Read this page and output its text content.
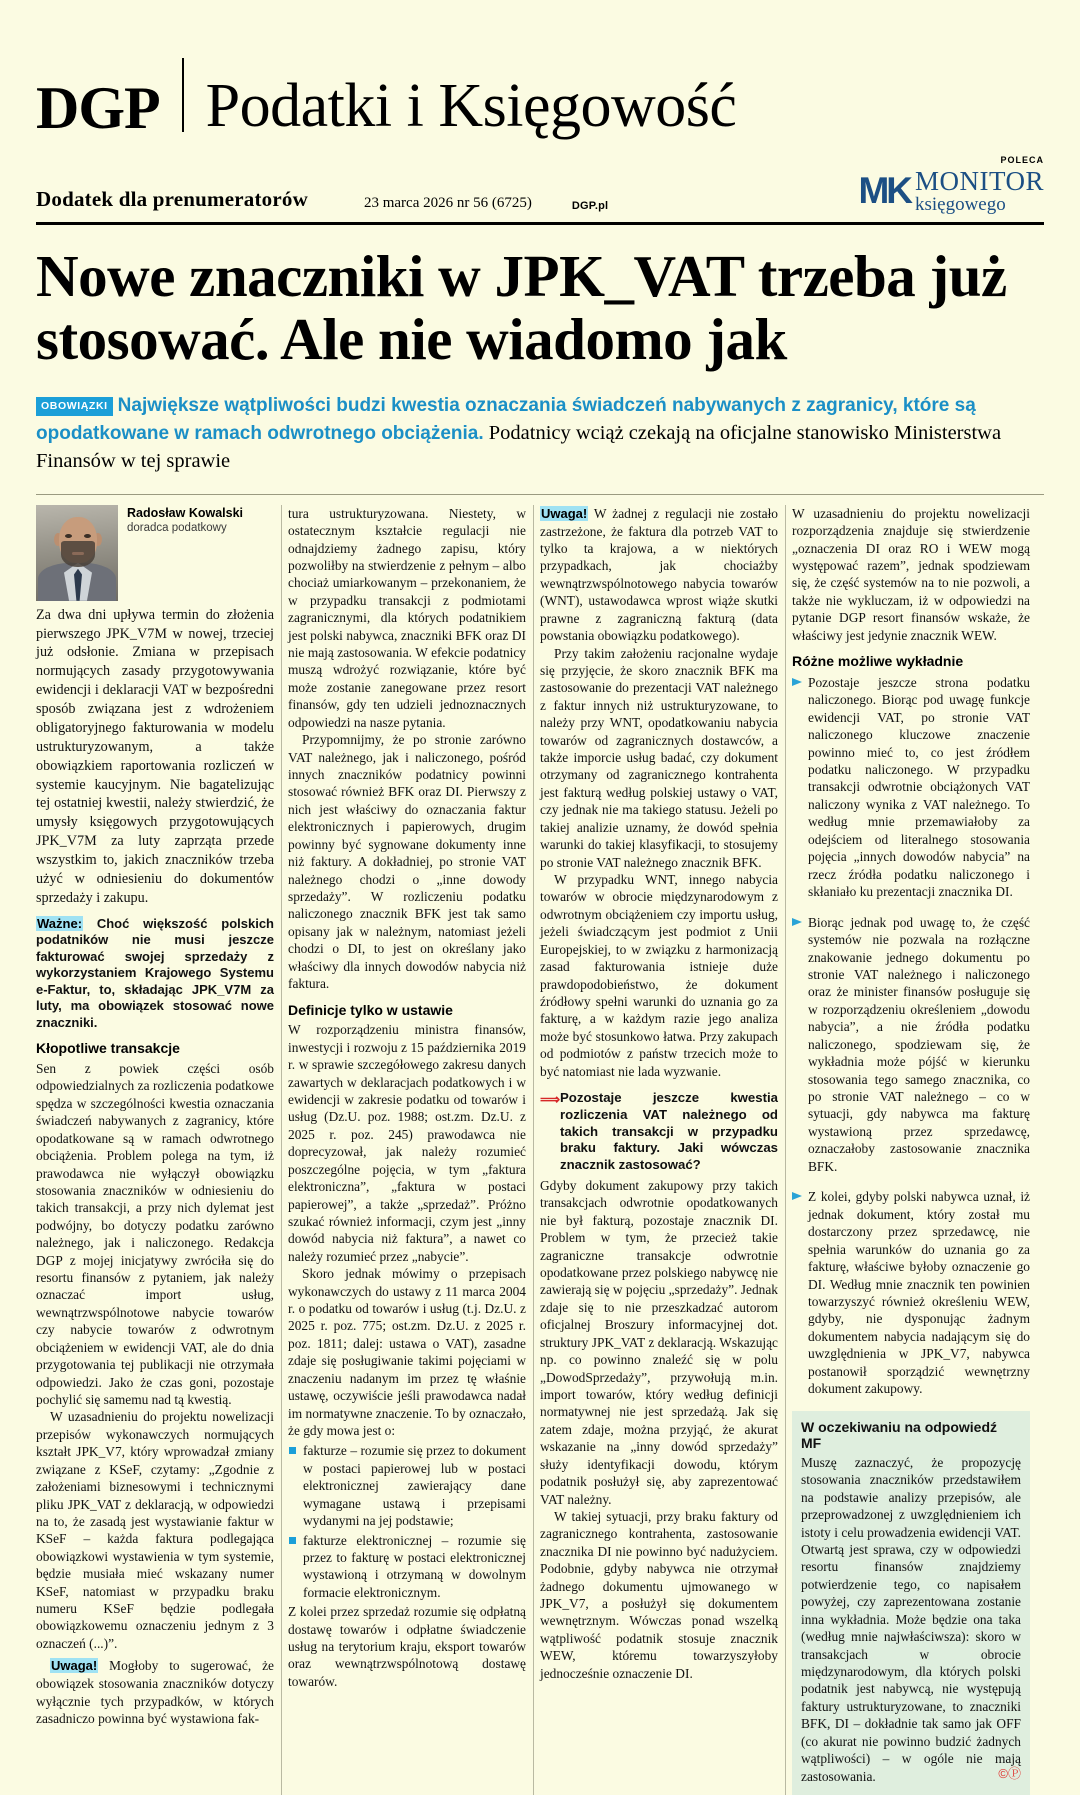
DGP Podatki i Księgowość
Dodatek dla prenumeratorów	23 marca 2026 nr 56 (6725)	DGP.pl
POLECA
MK MONITOR
księgowego
Nowe znaczniki w JPK_VAT trzeba już stosować. Ale nie wiadomo jak
OBOWIĄZKI Największe wątpliwości budzi kwestia oznaczania świadczeń nabywanych z zagranicy, które są opodatkowane w ramach odwrotnego obciążenia. Podatnicy wciąż czekają na oficjalne stanowisko Ministerstwa Finansów w tej sprawie
Radosław Kowalski
doradca podatkowy

Za dwa dni upływa termin do złożenia pierwszego JPK_V7M w nowej, trzeciej już odsłonie. Zmiana w przepisach normujących zasady przygotowywania ewidencji i deklaracji VAT w bezpośredni sposób związana jest z wdrożeniem obligatoryjnego fakturowania w modelu ustrukturyzowanym, a także obowiązkiem raportowania rozliczeń w systemie kaucyjnym. Nie bagatelizując tej ostatniej kwestii, należy stwierdzić, że umysły księgowych przygotowujących JPK_V7M za luty zaprząta przede wszystkim to, jakich znaczników trzeba użyć w odniesieniu do dokumentów sprzedaży i zakupu.

Ważne: Choć większość polskich podatników nie musi jeszcze fakturować swojej sprzedaży z wykorzystaniem Krajowego Systemu e-Faktur, to, składając JPK_V7M za luty, ma obowiązek stosować nowe znaczniki.

Kłopotliwe transakcje

Sen z powiek części osób odpowiedzialnych za rozliczenia podatkowe spędza w szczególności kwestia oznaczania świadczeń nabywanych z zagranicy, które opodatkowane są w ramach odwrotnego obciążenia. Problem polega na tym, iż prawodawca nie wyłączył obowiązku stosowania znaczników w odniesieniu do takich transakcji, a przy nich dylemat jest podwójny, bo dotyczy podatku zarówno należnego, jak i naliczonego. Redakcja DGP z mojej inicjatywy zwróciła się do resortu finansów z pytaniem, jak należy oznaczać import usług, wewnątrzwspólnotowe nabycie towarów czy nabycie towarów z odwrotnym obciążeniem w ewidencji VAT, ale do dnia przygotowania tej publikacji nie otrzymała odpowiedzi. Jako że czas goni, pozostaje pochylić się samemu nad tą kwestią.

W uzasadnieniu do projektu nowelizacji przepisów wykonawczych normujących kształt JPK_V7, który wprowadzał zmiany związane z KSeF, czytamy: „Zgodnie z założeniami biznesowymi i technicznymi pliku JPK_VAT z deklaracją, w odpowiedzi na to, że zasadą jest wystawianie faktur w KSeF – każda faktura podlegająca obowiązkowi wystawienia w tym systemie, będzie musiała mieć wskazany numer KSeF, natomiast w przypadku braku numeru KSeF będzie podlegała obowiązkowemu oznaczeniu jednym z 3 oznaczeń (...)”.

Uwaga! Mogłoby to sugerować, że obowiązek stosowania znaczników dotyczy wyłącznie tych przypadków, w których zasadniczo powinna być wystawiona fak-

tura ustrukturyzowana. Niestety, w ostatecznym kształcie regulacji nie odnajdziemy żadnego zapisu, który pozwoliłby na stwierdzenie z pełnym – albo chociaż umiarkowanym – przekonaniem, że w przypadku transakcji z podmiotami zagranicznymi, dla których podatnikiem jest polski nabywca, znaczniki BFK oraz DI nie mają zastosowania. W efekcie podatnicy muszą wdrożyć rozwiązanie, które być może zostanie zanegowane przez resort finansów, gdy ten udzieli jednoznacznych odpowiedzi na nasze pytania.

Przypomnijmy, że po stronie zarówno VAT należnego, jak i naliczonego, pośród innych znaczników podatnicy powinni stosować również BFK oraz DI. Pierwszy z nich jest właściwy do oznaczania faktur elektronicznych i papierowych, drugim powinny być sygnowane dokumenty inne niż faktury. A dokładniej, po stronie VAT należnego chodzi o „inne dowody sprzedaży”. W rozliczeniu podatku naliczonego znacznik BFK jest tak samo opisany jak w należnym, natomiast jeżeli chodzi o DI, to jest on określany jako właściwy dla innych dowodów nabycia niż faktura.

Definicje tylko w ustawie

W rozporządzeniu ministra finansów, inwestycji i rozwoju z 15 października 2019 r. w sprawie szczegółowego zakresu danych zawartych w deklaracjach podatkowych i w ewidencji w zakresie podatku od towarów i usług (Dz.U. poz. 1988; ost.zm. Dz.U. z 2025 r. poz. 245) prawodawca nie doprecyzował, jak należy rozumieć poszczególne pojęcia, w tym „faktura elektroniczna”, „faktura w postaci papierowej”, a także „sprzedaż”. Próżno szukać również informacji, czym jest „inny dowód nabycia niż faktura”, a nawet co należy rozumieć przez „nabycie”.

Skoro jednak mówimy o przepisach wykonawczych do ustawy z 11 marca 2004 r. o podatku od towarów i usług (t.j. Dz.U. z 2025 r. poz. 775; ost.zm. Dz.U. z 2025 r. poz. 1811; dalej: ustawa o VAT), zasadne zdaje się posługiwanie takimi pojęciami w znaczeniu nadanym im przez tę właśnie ustawę, oczywiście jeśli prawodawca nadał im normatywne znaczenie. To by oznaczało, że gdy mowa jest o:

fakturze – rozumie się przez to dokument w postaci papierowej lub w postaci elektronicznej zawierający dane wymagane ustawą i przepisami wydanymi na jej podstawie;
fakturze elektronicznej – rozumie się przez to fakturę w postaci elektronicznej wystawioną i otrzymaną w dowolnym formacie elektronicznym.

Z kolei przez sprzedaż rozumie się odpłatną dostawę towarów i odpłatne świadczenie usług na terytorium kraju, eksport towarów oraz wewnątrzwspólnotową dostawę towarów.

Uwaga! W żadnej z regulacji nie zostało zastrzeżone, że faktura dla potrzeb VAT to tylko ta krajowa, a w niektórych przypadkach, jak chociażby wewnątrzwspólnotowego nabycia towarów (WNT), ustawodawca wprost wiąże skutki prawne z zagraniczną fakturą (data powstania obowiązku podatkowego).

Przy takim założeniu racjonalne wydaje się przyjęcie, że skoro znacznik BFK ma zastosowanie do prezentacji VAT należnego z faktur innych niż ustrukturyzowane, to należy przy WNT, opodatkowaniu nabycia towarów od zagranicznych dostawców, a także imporcie usług badać, czy dokument otrzymany od zagranicznego kontrahenta jest fakturą według polskiej ustawy o VAT, czy jednak nie ma takiego statusu. Jeżeli po takiej analizie uznamy, że dowód spełnia warunki do takiej klasyfikacji, to stosujemy po stronie VAT należnego znacznik BFK.

W przypadku WNT, innego nabycia towarów w obrocie międzynarodowym z odwrotnym obciążeniem czy importu usług, jeżeli świadczącym jest podmiot z Unii Europejskiej, to w związku z harmonizacją zasad fakturowania istnieje duże prawdopodobieństwo, że dokument źródłowy spełni warunki do uznania go za fakturę, a w każdym razie jego analiza może być stosunkowo łatwa. Przy zakupach od podmiotów z państw trzecich może to być natomiast nie lada wyzwanie.

⟹ Pozostaje jeszcze kwestia rozliczenia VAT należnego od takich transakcji w przypadku braku faktury. Jaki wówczas znacznik zastosować?

Gdyby dokument zakupowy przy takich transakcjach odwrotnie opodatkowanych nie był fakturą, pozostaje znacznik DI. Problem w tym, że przecież takie zagraniczne transakcje odwrotnie opodatkowane przez polskiego nabywcę nie zawierają się w pojęciu „sprzedaży”. Jednak zdaje się to nie przeszkadzać autorom oficjalnej Broszury informacyjnej dot. struktury JPK_VAT z deklaracją. Wskazując np. co powinno znaleźć się w polu „DowodSprzedaży”, przywołują m.in. import towarów, który według definicji normatywnej nie jest sprzedażą. Jak się zatem zdaje, można przyjąć, że akurat wskazanie na „inny dowód sprzedaży” służy identyfikacji dowodu, którym podatnik posłużył się, aby zaprezentować VAT należny.

W takiej sytuacji, przy braku faktury od zagranicznego kontrahenta, zastosowanie znacznika DI nie powinno być nadużyciem. Podobnie, gdyby nabywca nie otrzymał żadnego dokumentu ujmowanego w JPK_V7, a posłużył się dokumentem wewnętrznym. Wówczas ponad wszelką wątpliwość podatnik stosuje znacznik WEW, któremu towarzyszyłoby jednocześnie oznaczenie DI.

W uzasadnieniu do projektu nowelizacji rozporządzenia znajduje się stwierdzenie „oznaczenia DI oraz RO i WEW mogą występować razem”, jednak spodziewam się, że część systemów na to nie pozwoli, a także nie wykluczam, iż w odpowiedzi na pytanie DGP resort finansów wskaże, że właściwy jest jedynie znacznik WEW.

Różne możliwe wykładnie

Pozostaje jeszcze strona podatku naliczonego. Biorąc pod uwagę funkcje ewidencji VAT, po stronie VAT naliczonego kluczowe znaczenie powinno mieć to, co jest źródłem podatku naliczonego. W przypadku transakcji odwrotnie obciążonych VAT naliczony wynika z VAT należnego. To według mnie przemawiałoby za odejściem od literalnego stosowania pojęcia „innych dowodów nabycia” na rzecz źródła podatku naliczonego i skłaniało ku prezentacji znacznika DI.

Biorąc jednak pod uwagę to, że część systemów nie pozwala na rozłączne znakowanie jednego dokumentu po stronie VAT należnego i naliczonego oraz że minister finansów posługuje się w rozporządzeniu określeniem „dowodu nabycia”, a nie źródła podatku naliczonego, spodziewam się, że wykładnia może pójść w kierunku stosowania tego samego znacznika, co po stronie VAT należnego – co w sytuacji, gdy nabywca ma fakturę wystawioną przez sprzedawcę, oznaczałoby zastosowanie znacznika BFK.

Z kolei, gdyby polski nabywca uznał, iż jednak dokument, który został mu dostarczony przez sprzedawcę, nie spełnia warunków do uznania go za fakturę, właściwe byłoby oznaczenie go DI. Według mnie znacznik ten powinien towarzyszyć również określeniu WEW, gdyby, nie dysponując żadnym dokumentem nabycia nadającym się do uwzględnienia w JPK_V7, nabywca postanowił sporządzić wewnętrzny dokument zakupowy.

W oczekiwaniu na odpowiedź MF

Muszę zaznaczyć, że propozycję stosowania znaczników przedstawiłem na podstawie analizy przepisów, ale przeprowadzonej z uwzględnieniem ich istoty i celu prowadzenia ewidencji VAT. Otwartą jest sprawa, czy w odpowiedzi resortu finansów znajdziemy potwierdzenie tego, co napisałem powyżej, czy zaprezentowana zostanie inna wykładnia. Może będzie ona taka (według mnie najwłaściwsza): skoro w transakcjach w obrocie międzynarodowym, dla których polski podatnik jest nabywcą, nie występują faktury ustrukturyzowane, to znaczniki BFK, DI – dokładnie tak samo jak OFF (co akurat nie powinno budzić żadnych wątpliwości) – w ogóle nie mają zastosowania.	©Ⓟ
